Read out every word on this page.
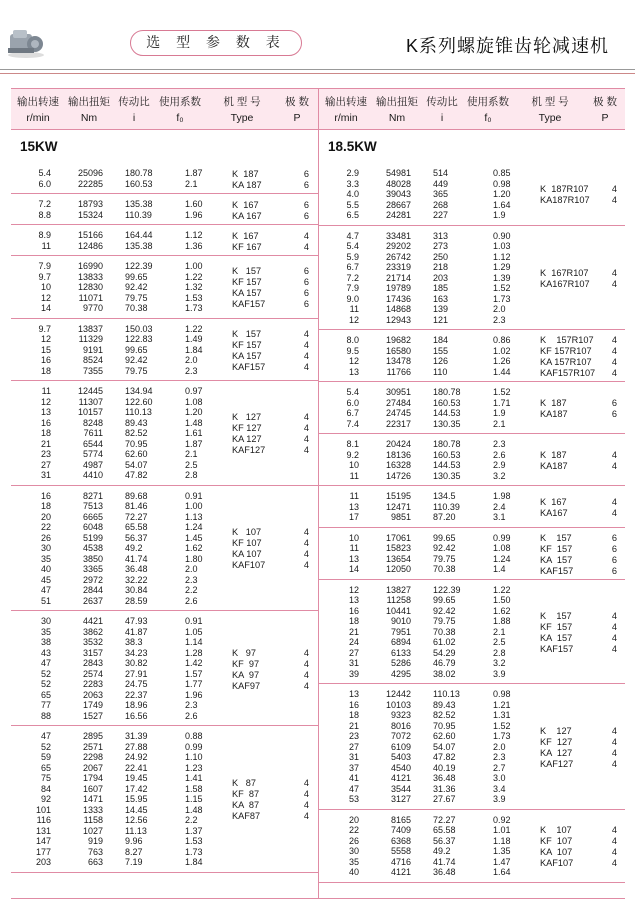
选 型 参 数 表	K系列螺旋锥齿轮减速机
输出转速 输出扭矩 传动比 使用系数	机 型 号	极 数
r/min	Nm	i	f₀	Type	P
15KW
5.4	25096 180.78	1.87
6.0	22285 160.53	2.1
K  187	6
KA 187	6
7.2	18793 135.38	1.60
8.8	15324 110.39	1.96
K  167	6
KA 167	6
8.9	15166 164.44	1.12
11	12486 135.38	1.36
K  167	4
KF 167	4
7.9	16990 122.39	1.00
9.7	13833 99.65	1.22
10	12830 92.42	1.32
12	11071 79.75	1.53
14	9770 70.38	1.73
K   157	6
KF 157	6
KA 157	6
KAF157	6
9.7	13837 150.03	1.22
12	11329 122.83	1.49
15	9191 99.65	1.84
16	8524 92.42	2.0
18	7355 79.75	2.3
K   157	4
KF 157	4
KA 157	4
KAF157	4
11	12445 134.94	0.97
12	11307 122.60	1.08
13	10157 110.13	1.20
16	8248 89.43	1.48
18	7611 82.52	1.61
21	6544 70.95	1.87
23	5774 62.60	2.1
27	4987 54.07	2.5
31	4410 47.82	2.8
K   127	4
KF 127	4
KA 127	4
KAF127	4
16	8271 89.68	0.91
18	7513 81.46	1.00
20	6665 72.27	1.13
22	6048 65.58	1.24
26	5199 56.37	1.45
30	4538 49.2	1.62
35	3850 41.74	1.80
40	3365 36.48	2.0
45	2972 32.22	2.3
47	2844 30.84	2.2
51	2637 28.59	2.6
K   107	4
KF 107	4
KA 107	4
KAF107	4
30	4421 47.93	0.91
35	3862 41.87	1.05
38	3532 38.3	1.14
43	3157 34.23	1.28
47	2843 30.82	1.42
52	2574 27.91	1.57
52	2283 24.75	1.77
65	2063 22.37	1.96
77	1749 18.96	2.3
88	1527 16.56	2.6
K   97	4
KF  97	4
KA  97	4
KAF97	4
47	2895 31.39	0.88
52	2571 27.88	0.99
59	2298 24.92	1.10
65	2067 22.41	1.23
75	1794 19.45	1.41
84	1607 17.42	1.58
92	1471 15.95	1.15
101	1333 14.45	1.48
116	1158 12.56	2.2
131	1027 11.13	1.37
147	919 9.96	1.53
177	763 8.27	1.73
203	663 7.19	1.84
K   87	4
KF  87	4
KA  87	4
KAF87	4
输出转速 输出扭矩 传动比 使用系数	机 型 号	极 数
r/min	Nm	i	f₀	Type	P
18.5KW
2.9	54981 514	0.85
3.3	48028 449	0.98
4.0	39043 365	1.20
5.5	28667 268	1.64
6.5	24281 227	1.9
K  187R107	4
KA187R107	4
4.7	33481 313	0.90
5.4	29202 273	1.03
5.9	26742 250	1.12
6.7	23319 218	1.29
7.2	21714 203	1.39
7.9	19789 185	1.52
9.0	17436 163	1.73
11	14868 139	2.0
12	12943 121	2.3
K  167R107	4
KA167R107	4
8.0	19682 184	0.86
9.5	16580 155	1.02
12	13478 126	1.26
13	11766 110	1.44
K    157R107	4
KF 157R107	4
KA 157R107	4
KAF157R107	4
5.4	30951 180.78	1.52
6.0	27484 160.53	1.71
6.7	24745 144.53	1.9
7.4	22317 130.35	2.1
K  187	6
KA187	6
8.1	20424 180.78	2.3
9.2	18136 160.53	2.6
10	16328 144.53	2.9
11	14726 130.35	3.2
K  187	4
KA187	4
11	15195 134.5	1.98
13	12471 110.39	2.4
17	9851 87.20	3.1
K  167	4
KA167	4
10	17061 99.65	0.99
11	15823 92.42	1.08
13	13654 79.75	1.24
14	12050 70.38	1.4
K    157	6
KF  157	6
KA  157	6
KAF157	6
12	13827 122.39	1.22
13	11258 99.65	1.50
16	10441 92.42	1.62
18	9010 79.75	1.88
21	7951 70.38	2.1
24	6894 61.02	2.5
27	6133 54.29	2.8
31	5286 46.79	3.2
39	4295 38.02	3.9
K    157	4
KF  157	4
KA  157	4
KAF157	4
13	12442 110.13	0.98
16	10103 89.43	1.21
18	9323 82.52	1.31
21	8016 70.95	1.52
23	7072 62.60	1.73
27	6109 54.07	2.0
31	5403 47.82	2.3
37	4540 40.19	2.7
41	4121 36.48	3.0
47	3544 31.36	3.4
53	3127 27.67	3.9
K    127	4
KF  127	4
KA  127	4
KAF127	4
20	8165 72.27	0.92
22	7409 65.58	1.01
26	6368 56.37	1.18
30	5558 49.2	1.35
35	4716 41.74	1.47
40	4121 36.48	1.64
K    107	4
KF  107	4
KA  107	4
KAF107	4
